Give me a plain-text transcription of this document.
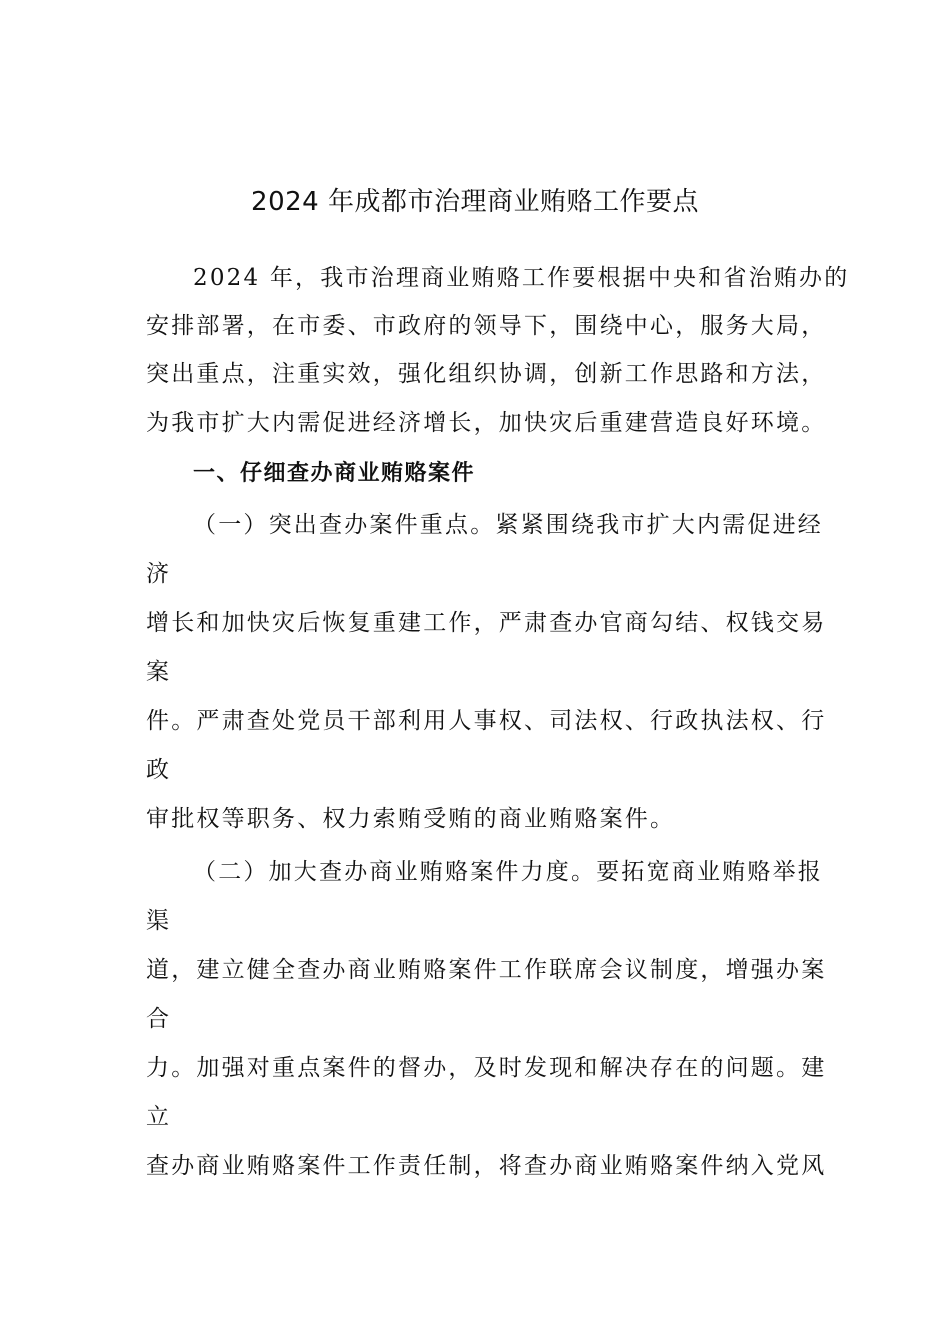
2024 年成都市治理商业贿赂工作要点

2024 年，我市治理商业贿赂工作要根据中央和省治贿办的

安排部署，在市委、市政府的领导下，围绕中心，服务大局，

突出重点，注重实效，强化组织协调，创新工作思路和方法，

为我市扩大内需促进经济增长，加快灾后重建营造良好环境。

一、仔细查办商业贿赂案件

（一）突出查办案件重点。紧紧围绕我市扩大内需促进经

济

增长和加快灾后恢复重建工作，严肃查办官商勾结、权钱交易

案

件。严肃查处党员干部利用人事权、司法权、行政执法权、行

政

审批权等职务、权力索贿受贿的商业贿赂案件。

（二）加大查办商业贿赂案件力度。要拓宽商业贿赂举报

渠

道，建立健全查办商业贿赂案件工作联席会议制度，增强办案

合

力。加强对重点案件的督办，及时发现和解决存在的问题。建

立

查办商业贿赂案件工作责任制，将查办商业贿赂案件纳入党风
